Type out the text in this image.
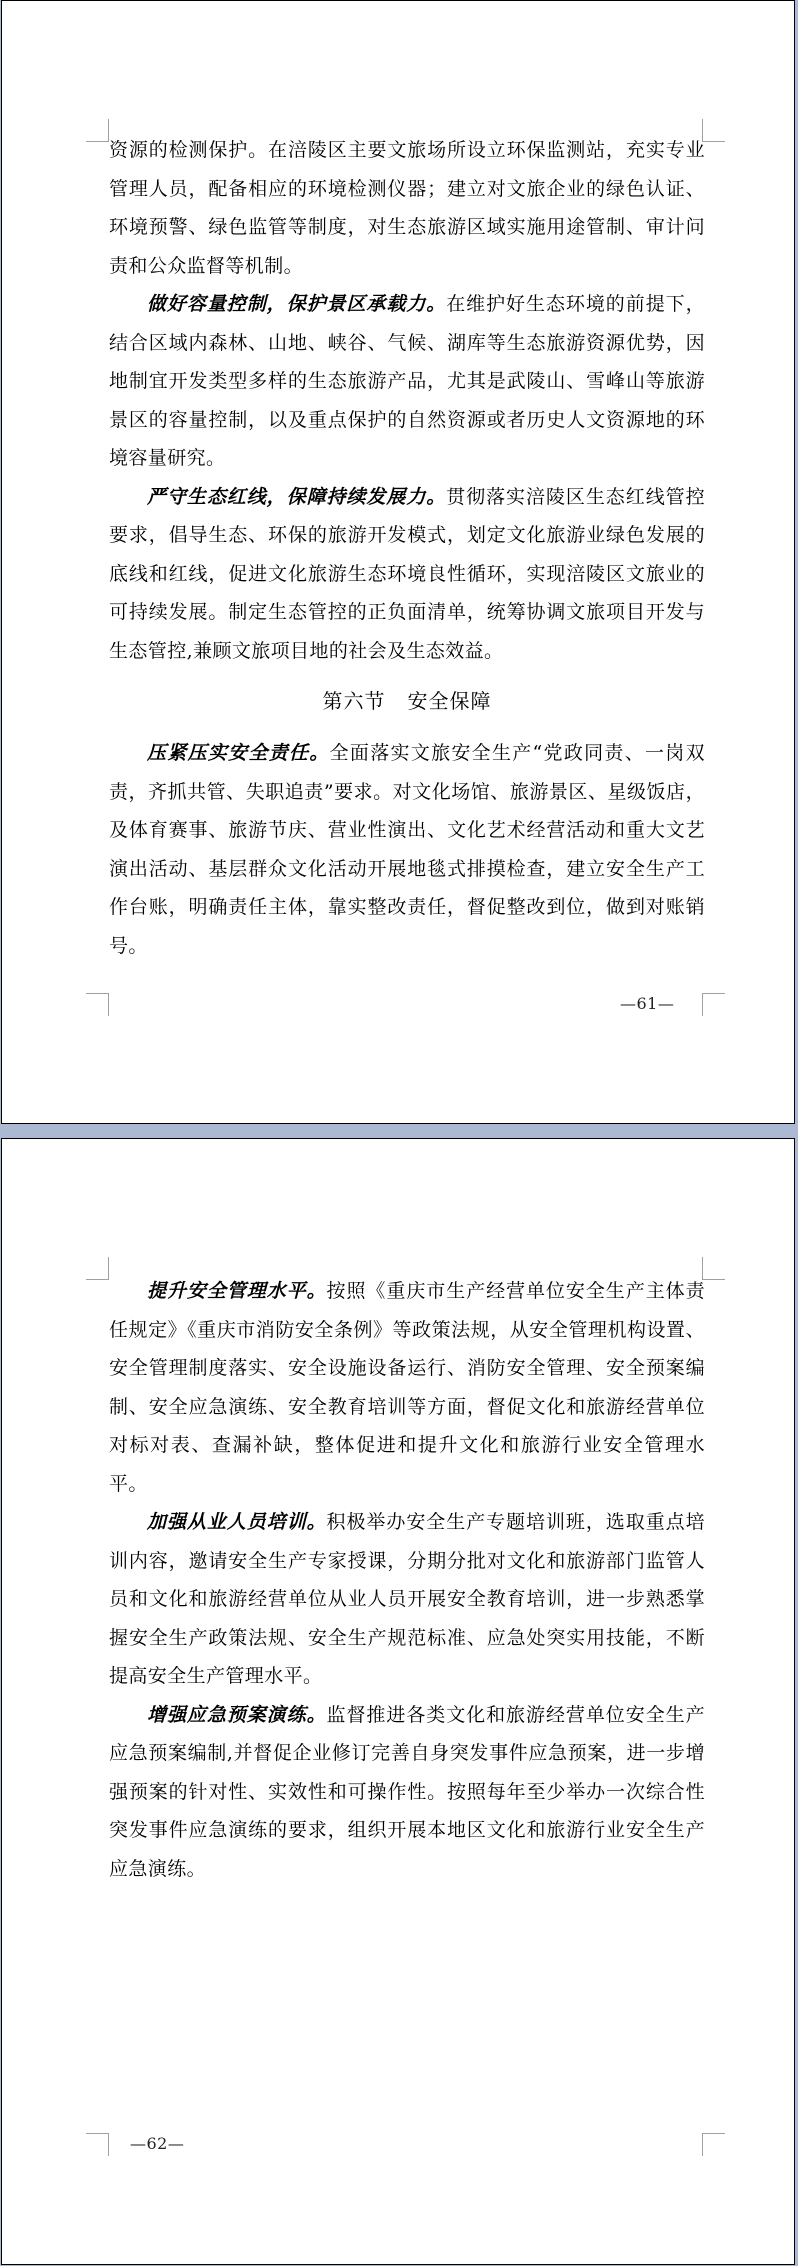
资源的检测保护。在涪陵区主要文旅场所设立环保监测站，充实专业管理人员，配备相应的环境检测仪器；建立对文旅企业的绿色认证、环境预警、绿色监管等制度，对生态旅游区域实施用途管制、审计问责和公众监督等机制。

做好容量控制，保护景区承载力。在维护好生态环境的前提下，结合区域内森林、山地、峡谷、气候、湖库等生态旅游资源优势，因地制宜开发类型多样的生态旅游产品，尤其是武陵山、雪峰山等旅游景区的容量控制，以及重点保护的自然资源或者历史人文资源地的环境容量研究。

严守生态红线，保障持续发展力。贯彻落实涪陵区生态红线管控要求，倡导生态、环保的旅游开发模式，划定文化旅游业绿色发展的底线和红线，促进文化旅游生态环境良性循环，实现涪陵区文旅业的可持续发展。制定生态管控的正负面清单，统筹协调文旅项目开发与生态管控,兼顾文旅项目地的社会及生态效益。

第六节 安全保障

压紧压实安全责任。全面落实文旅安全生产“党政同责、一岗双责，齐抓共管、失职追责”要求。对文化场馆、旅游景区、星级饭店，及体育赛事、旅游节庆、营业性演出、文化艺术经营活动和重大文艺演出活动、基层群众文化活动开展地毯式排摸检查，建立安全生产工作台账，明确责任主体，靠实整改责任，督促整改到位，做到对账销号。

—61—

提升安全管理水平。按照《重庆市生产经营单位安全生产主体责任规定》《重庆市消防安全条例》等政策法规，从安全管理机构设置、安全管理制度落实、安全设施设备运行、消防安全管理、安全预案编制、安全应急演练、安全教育培训等方面，督促文化和旅游经营单位对标对表、查漏补缺，整体促进和提升文化和旅游行业安全管理水平。

加强从业人员培训。积极举办安全生产专题培训班，选取重点培训内容，邀请安全生产专家授课，分期分批对文化和旅游部门监管人员和文化和旅游经营单位从业人员开展安全教育培训，进一步熟悉掌握安全生产政策法规、安全生产规范标准、应急处突实用技能，不断提高安全生产管理水平。

增强应急预案演练。监督推进各类文化和旅游经营单位安全生产应急预案编制,并督促企业修订完善自身突发事件应急预案，进一步增强预案的针对性、实效性和可操作性。按照每年至少举办一次综合性突发事件应急演练的要求，组织开展本地区文化和旅游行业安全生产应急演练。

—62—
